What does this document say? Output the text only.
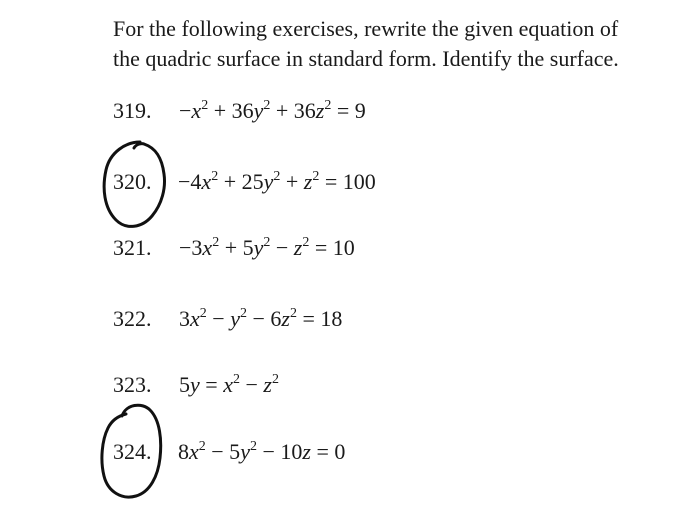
For the following exercises, rewrite the given equation of
the quadric surface in standard form. Identify the surface.

319. $-x^2 + 36y^2 + 36z^2 = 9$
320. $-4x^2 + 25y^2 + z^2 = 100$
321. $-3x^2 + 5y^2 - z^2 = 10$
322. $3x^2 - y^2 - 6z^2 = 18$
323. $5y = x^2 - z^2$
324. $8x^2 - 5y^2 - 10z = 0$
